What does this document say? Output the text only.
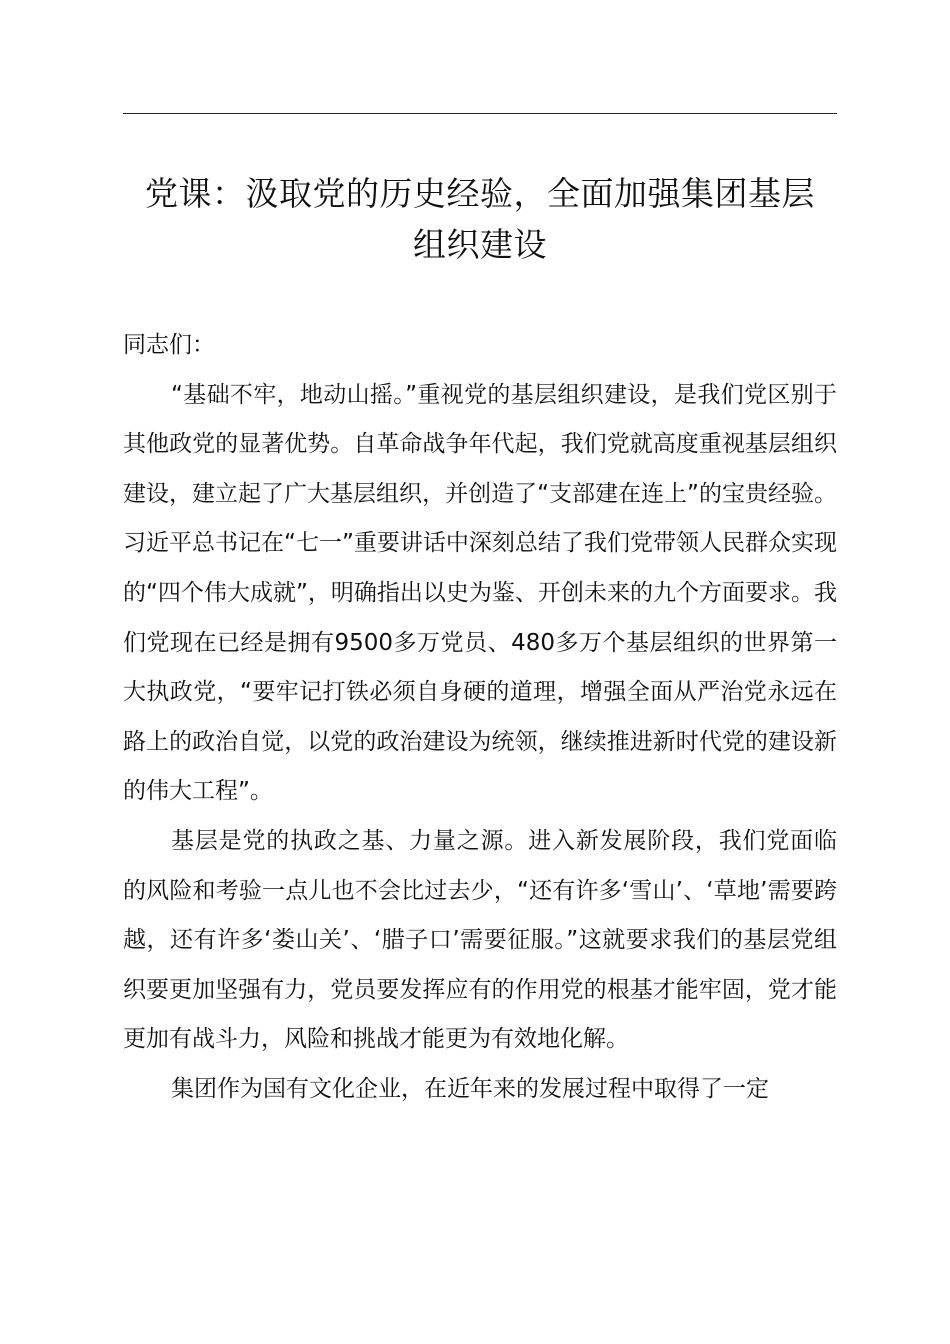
党课：汲取党的历史经验，全面加强集团基层
组织建设

同志们：

“基础不牢，地动山摇。”重视党的基层组织建设，是我们党区别于其他政党的显著优势。自革命战争年代起，我们党就高度重视基层组织建设，建立起了广大基层组织，并创造了“支部建在连上”的宝贵经验。习近平总书记在“七一”重要讲话中深刻总结了我们党带领人民群众实现的“四个伟大成就”，明确指出以史为鉴、开创未来的九个方面要求。我们党现在已经是拥有9500多万党员、480多万个基层组织的世界第一大执政党，“要牢记打铁必须自身硬的道理，增强全面从严治党永远在路上的政治自觉，以党的政治建设为统领，继续推进新时代党的建设新的伟大工程”。

基层是党的执政之基、力量之源。进入新发展阶段，我们党面临的风险和考验一点儿也不会比过去少，“还有许多‘雪山’、‘草地’需要跨越，还有许多‘娄山关’、‘腊子口’需要征服。”这就要求我们的基层党组织要更加坚强有力，党员要发挥应有的作用党的根基才能牢固，党才能更加有战斗力，风险和挑战才能更为有效地化解。

集团作为国有文化企业，在近年来的发展过程中取得了一定
